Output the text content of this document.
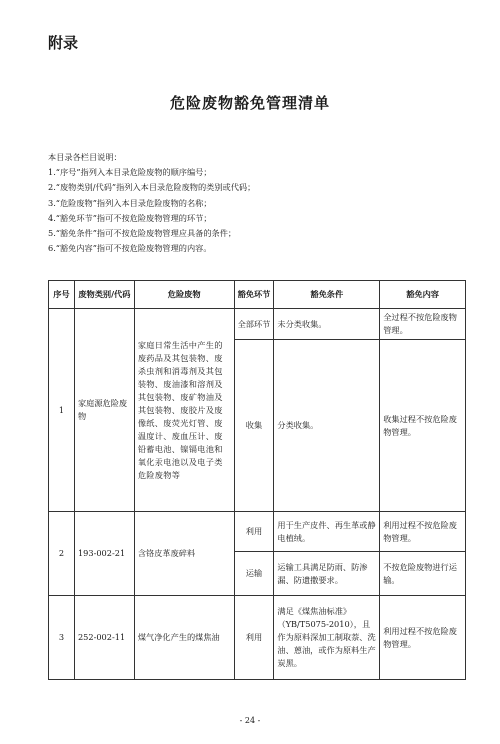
附录
危险废物豁免管理清单
本目录各栏目说明：
1.“序号”指列入本目录危险废物的顺序编号；
2.“废物类别/代码”指列入本目录危险废物的类别或代码；
3.“危险废物”指列入本目录危险废物的名称；
4.“豁免环节”指可不按危险废物管理的环节；
5.“豁免条件”指可不按危险废物管理应具备的条件；
6.“豁免内容”指可不按危险废物管理的内容。
序号	废物类别/代码	危险废物	豁免环节	豁免条件	豁免内容
1	家庭源危险废物	家庭日常生活中产生的废药品及其包装物、废杀虫剂和消毒剂及其包装物、废油漆和溶剂及其包装物、废矿物油及其包装物、废胶片及废像纸、废荧光灯管、废温度计、废血压计、废铅蓄电池、镍镉电池和氧化汞电池以及电子类危险废物等	全部环节	未分类收集。	全过程不按危险废物管理。
			收集	分类收集。	收集过程不按危险废物管理。
2	193-002-21	含铬皮革废碎料	利用	用于生产皮件、再生革或静电植绒。	利用过程不按危险废物管理。
			运输	运输工具满足防雨、防渗漏、防遗撒要求。	不按危险废物进行运输。
3	252-002-11	煤气净化产生的煤焦油	利用	满足《煤焦油标准》（YB/T5075-2010），且作为原料深加工制取萘、洗油、蒽油，或作为原料生产炭黑。	利用过程不按危险废物管理。
- 24 -
